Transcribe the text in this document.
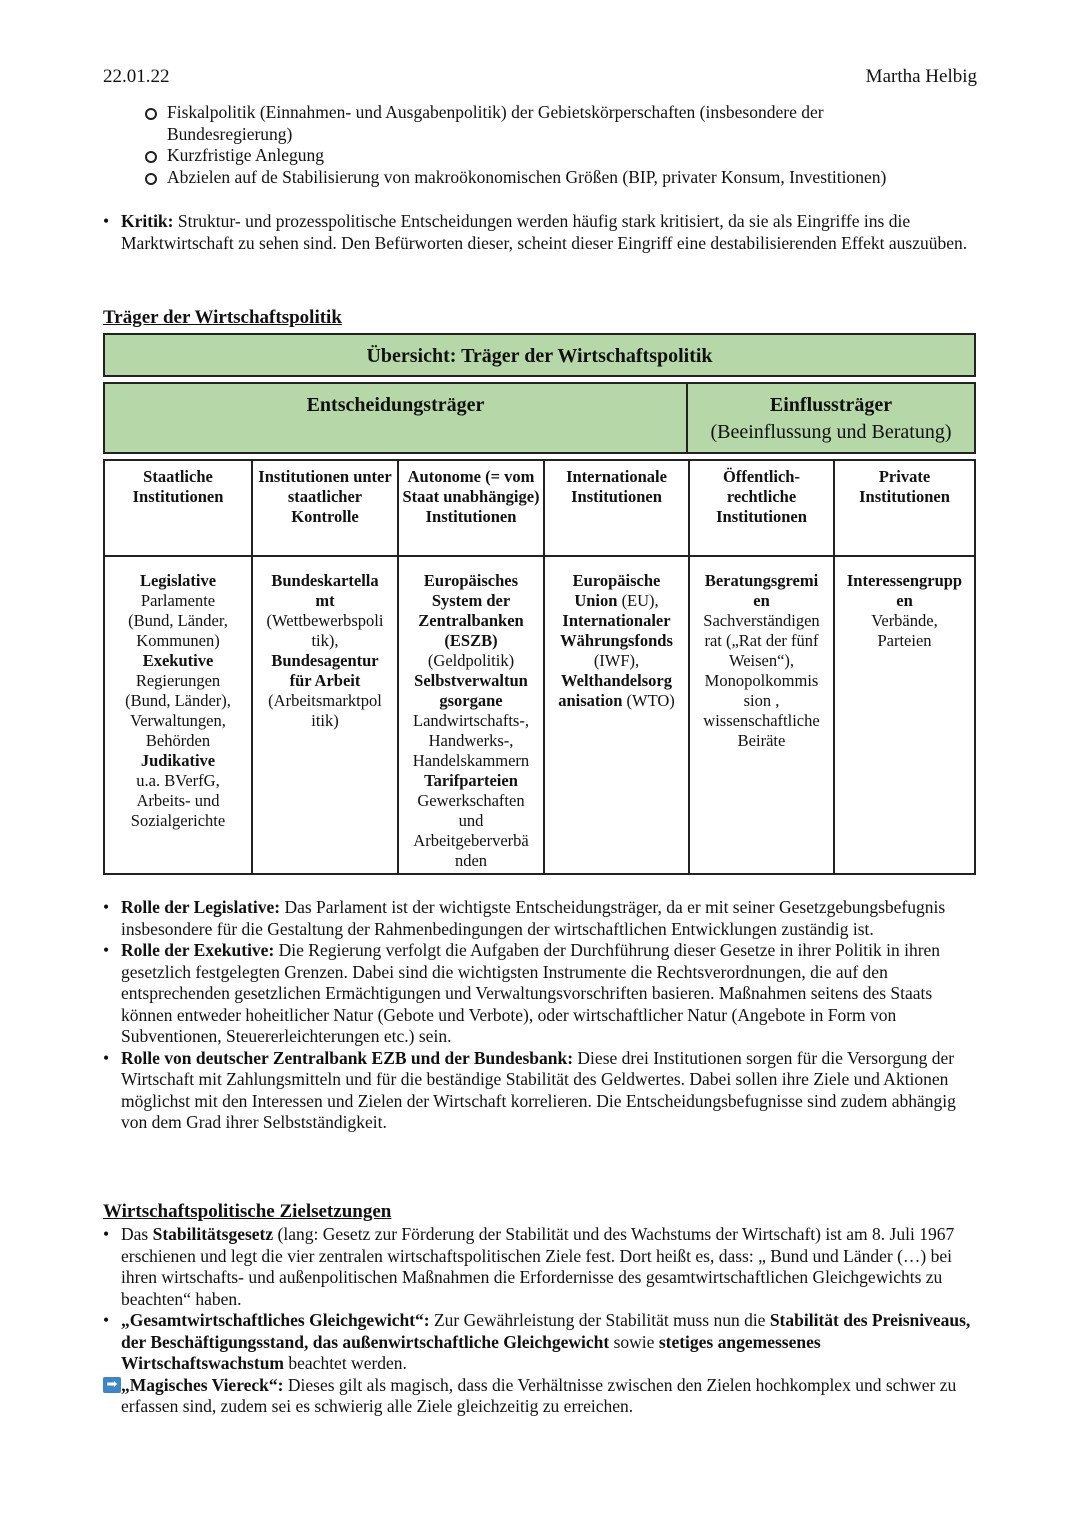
22.01.22	Martha Helbig
Fiskalpolitik (Einnahmen- und Ausgabenpolitik) der Gebietskörperschaften (insbesondere der Bundesregierung)
Kurzfristige Anlegung
Abzielen auf de Stabilisierung von makroökonomischen Größen (BIP, privater Konsum, Investitionen)
• Kritik: Struktur- und prozesspolitische Entscheidungen werden häufig stark kritisiert, da sie als Eingriffe ins die Marktwirtschaft zu sehen sind. Den Befürworten dieser, scheint dieser Eingriff eine destabilisierenden Effekt auszuüben.
Träger der Wirtschaftspolitik
Übersicht: Träger der Wirtschaftspolitik
Entscheidungsträger	Einflussträger
(Beeinflussung und Beratung)
Staatliche Institutionen
Institutionen unter staatlicher Kontrolle
Autonome (= vom Staat unabhängige) Institutionen
Internationale Institutionen
Öffentlich-rechtliche Institutionen
Private Institutionen
Legislative
Parlamente
(Bund, Länder,
Kommunen)
Exekutive
Regierungen
(Bund, Länder),
Verwaltungen,
Behörden
Judikative
u.a. BVerfG,
Arbeits- und
Sozialgerichte
Bundeskartella
mt
(Wettbewerbspoli
tik),
Bundesagentur
für Arbeit
(Arbeitsmarktpol
itik)
Europäisches
System der
Zentralbanken
(ESZB)
(Geldpolitik)
Selbstverwaltun
gsorgane
Landwirtschafts-,
Handwerks-,
Handelskammern
Tarifparteien
Gewerkschaften
und
Arbeitgeberverbä
nden
Europäische
Union (EU),
Internationaler
Währungsfonds
(IWF),
Welthandelsorg
anisation (WTO)
Beratungsgremi
en
Sachverständigen
rat („Rat der fünf
Weisen“),
Monopolkommis
sion ,
wissenschaftliche
Beiräte
Interessengrupp
en
Verbände,
Parteien
• Rolle der Legislative: Das Parlament ist der wichtigste Entscheidungsträger, da er mit seiner Gesetzgebungsbefugnis insbesondere für die Gestaltung der Rahmenbedingungen der wirtschaftlichen Entwicklungen zuständig ist.
• Rolle der Exekutive: Die Regierung verfolgt die Aufgaben der Durchführung dieser Gesetze in ihrer Politik in ihren gesetzlich festgelegten Grenzen. Dabei sind die wichtigsten Instrumente die Rechtsverordnungen, die auf den entsprechenden gesetzlichen Ermächtigungen und Verwaltungsvorschriften basieren. Maßnahmen seitens des Staats können entweder hoheitlicher Natur (Gebote und Verbote), oder wirtschaftlicher Natur (Angebote in Form von Subventionen, Steuererleichterungen etc.) sein.
• Rolle von deutscher Zentralbank EZB und der Bundesbank: Diese drei Institutionen sorgen für die Versorgung der Wirtschaft mit Zahlungsmitteln und für die beständige Stabilität des Geldwertes. Dabei sollen ihre Ziele und Aktionen möglichst mit den Interessen und Zielen der Wirtschaft korrelieren. Die Entscheidungsbefugnisse sind zudem abhängig von dem Grad ihrer Selbstständigkeit.
Wirtschaftspolitische Zielsetzungen
• Das Stabilitätsgesetz (lang: Gesetz zur Förderung der Stabilität und des Wachstums der Wirtschaft) ist am 8. Juli 1967 erschienen und legt die vier zentralen wirtschaftspolitischen Ziele fest. Dort heißt es, dass: „ Bund und Länder (…) bei ihren wirtschafts- und außenpolitischen Maßnahmen die Erfordernisse des gesamtwirtschaftlichen Gleichgewichts zu beachten“ haben.
• „Gesamtwirtschaftliches Gleichgewicht“: Zur Gewährleistung der Stabilität muss nun die Stabilität des Preisniveaus, der Beschäftigungsstand, das außenwirtschaftliche Gleichgewicht sowie stetiges angemessenes Wirtschaftswachstum beachtet werden.
➡ „Magisches Viereck“: Dieses gilt als magisch, dass die Verhältnisse zwischen den Zielen hochkomplex und schwer zu erfassen sind, zudem sei es schwierig alle Ziele gleichzeitig zu erreichen.
